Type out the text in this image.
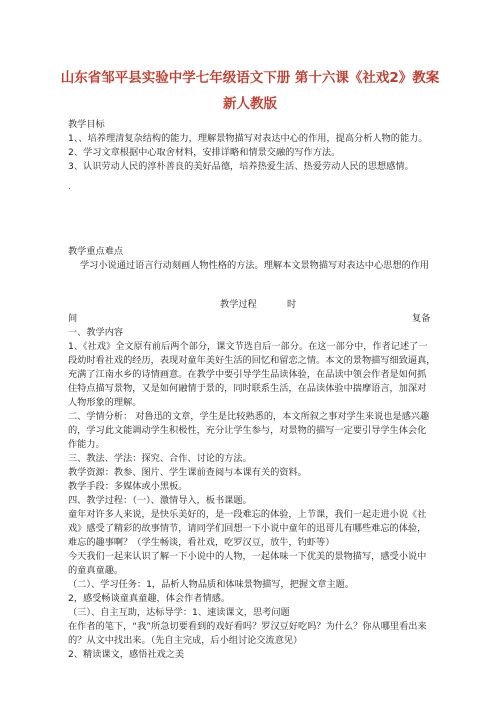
山东省邹平县实验中学七年级语文下册 第十六课《社戏2》教案
新人教版
教学目标
1、、培养理清复杂结构的能力，理解景物描写对表达中心的作用，提高分析人物的能力。
2、学习文章根据中心取舍材料，安排详略和情景交融的写作方法。
3、认识劳动人民的淳朴善良的美好品德，培养热爱生活、热爱劳动人民的思想感情。
.
教学重点难点
学习小说通过语言行动刻画人物性格的方法。理解本文景物描写对表达中心思想的作用
教学过程	时
间	复备
一、教学内容
1、《社戏》全文原有前后两个部分，课文节选自后一部分。在这一部分中，作者记述了一
段幼时看社戏的经历，表现对童年美好生活的回忆和留恋之情。本文的景物描写细致逼真，
充满了江南水乡的诗情画意。在教学中要引导学生品读体验，在品读中领会作者是如何抓
住特点描写景物，又是如何融情于景的，同时联系生活，在品读体验中揣摩语言，加深对
人物形象的理解。
二、学情分析： 对鲁迅的文章，学生是比较熟悉的，本文所叙之事对学生来说也是感兴趣
的，学习此文能调动学生积极性，充分让学生参与，对景物的描写一定要引导学生体会化
作能力。
三、教法、学法：探究、合作、讨论的方法。
教学资源：教参、图片、学生课前查阅与本课有关的资料。
教学手段：多媒体或小黑板。
四、教学过程：（一）、激情导入，板书课题。
童年对许多人来说，是快乐美好的，是一段难忘的体验，上节课，我们一起走进小说《社
戏》感受了精彩的故事情节，请同学们回想一下小说中童年的迅哥儿有哪些难忘的体验，
难忘的趣事啊？（学生畅谈，看社戏，吃罗汉豆，放牛，钓虾等）
今天我们一起来认识了解一下小说中的人物，一起体味一下优美的景物描写，感受小说中
的童真童趣。
（二）、学习任务：1，品析人物品质和体味景物描写，把握文章主题。
2，感受畅谈童真童趣，体会作者情感。
（三）、自主互助，达标导学：1、速读课文，思考问题
在作者的笔下，“我”所急切要看到的戏好看吗？罗汉豆好吃吗？为什么？你从哪里看出来
的？从文中找出来。（先自主完成，后小组讨论交流意见）
2、精读课文，感悟社戏之美
